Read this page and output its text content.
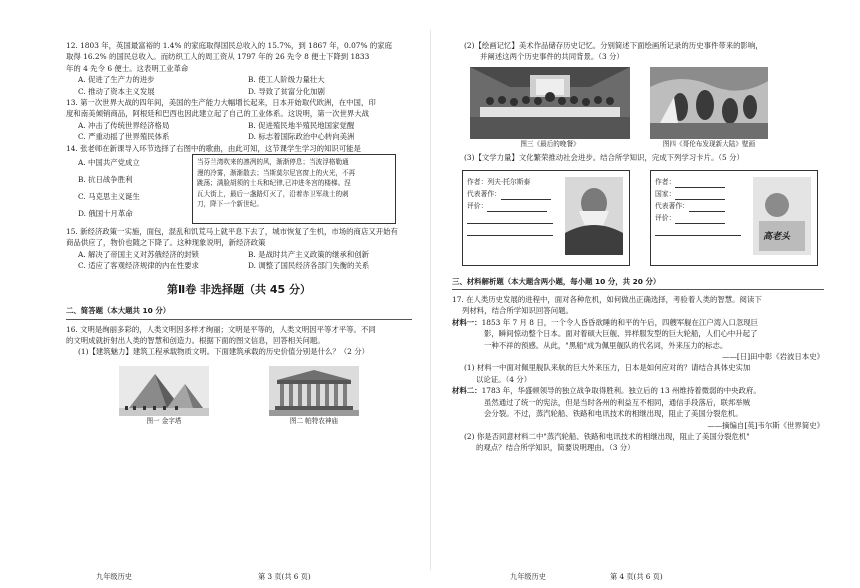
12. 1803 年，英国最富裕的 1.4% 的家庭取得国民总收入的 15.7%，到 1867 年，0.07% 的家庭

取得 16.2% 的国民总收入。而纺织工人的周工资从 1797 年的 26 先令 8 便士下降到 1833

年的 4 先令 6 便士。这表明工业革命

A. 促进了生产力的进步	B. 使工人阶级力量壮大
C. 推动了资本主义发展	D. 导致了贫富分化加剧

13. 第一次世界大战的四年间，美国的生产能力大幅增长起来，日本开始取代欧洲，在中国，印

度和南美倾销商品，阿根廷和巴西也因此建立起了自己的工业体系。这说明，第一次世界大战

A. 冲击了传统世界经济格局	B. 促进殖民地半殖民地国家觉醒
C. 严重动摇了世界殖民体系	D. 标志着国际政治中心转向美洲

14. 张老师在新课导入环节选择了右图中的歌曲，由此可知，这节课学生学习的知识可能是

A. 中国共产党成立
B. 抗日战争胜利
C. 马克思主义诞生
D. 俄国十月革命
当芬兰湾吹来的凛冽的风，渐渐停息；当波浮格勒通
漫的冷雾，渐渐散去；当斯莫尔尼宫窗上的火光，不再
跳荡；满脸胡须的士兵和纪律,已冲进冬宫的楼梯。涅
瓦大街上，最后一盏路灯灭了，沿着赤卫军战士的刺
刀，降下一个新世纪。

15. 新经济政策一实施，面包，混乱和饥荒马上就平息下去了，城市恢复了生机，市场的商店又开始有

商品供应了，物价也随之下降了。这种现象说明，新经济政策

A. 解决了帝国主义对苏俄经济的封锁	B. 是战时共产主义政策的继承和创新
C. 适应了客观经济规律的内在性要求	D. 调整了国民经济各部门失衡的关系
第Ⅱ卷 非选择题（共 45 分）
二、简答题（本大题共 10 分）

16. 文明是绚丽多彩的，人类文明因多样才绚丽；文明是平等的，人类文明因平等才平等。不同

的文明成就折射出人类的智慧和创造力。根据下面的图文信息，回答相关问题。

(1)【建筑魅力】建筑工程承载物质文明。下面建筑承载的历史价值分别是什么？（2 分）

图一 金字塔	图二 帕特农神庙
九年级历史	第 3 页(共 6 页)

(2)【绘画记忆】美术作品储存历史记忆。分别简述下面绘画所记录的历史事件带来的影响，

并阐述这两个历史事件的共同背景。（3 分）

图三《最后的晚餐》	图四《哥伦布发现新大陆》壁画

(3)【文学力量】文化繁荣推动社会进步。结合所学知识，完成下列学习卡片。（5 分）

作者：列夫·托尔斯泰
代表著作：
评价：
作者：
国家：
代表著作：
评价：
高老头
三、材料解析题（本大题含两小题，每小题 10 分，共 20 分）

17. 在人类历史发展的进程中，面对各种危机，如何做出正确选择，考验着人类的智慧。阅读下

列材料，结合所学知识回答问题。

材料一：1853 年 7 月 8 日，一个令人昏昏欲睡的和平的午后，四艘军舰在江户湾入口忽现巨

影，瞬间惊动整个日本。面对着硕大巨舰、异样服发型的巨大轮船，人们心中升起了

一种不祥的预感。从此，"黑船"成为佩里舰队的代名词，外来压力的标志。

——[日]田中彰《岩波日本史》

(1) 材料一中面对佩里舰队来航的巨大外来压力，日本是如何应对的？请结合具体史实加

以论证。（4 分）

材料二：1783 年，华盛顿领导的独立战争取得胜利。独立后的 13 州维持着微弱的中央政府。

虽然通过了统一的宪法，但是当时各州的利益互不相同，通信手段落后，联邦举贼

会分裂。不过，蒸汽轮船、铁路和电讯技术的相继出现，阻止了美国分裂危机。

——摘编自[英]韦尔斯《世界简史》

(2) 你是否同意材料二中"蒸汽轮船、铁路和电讯技术的相继出现，阻止了美国分裂危机"

的观点？结合所学知识，简要说明理由。（3 分）

九年级历史	第 4 页(共 6 页)
